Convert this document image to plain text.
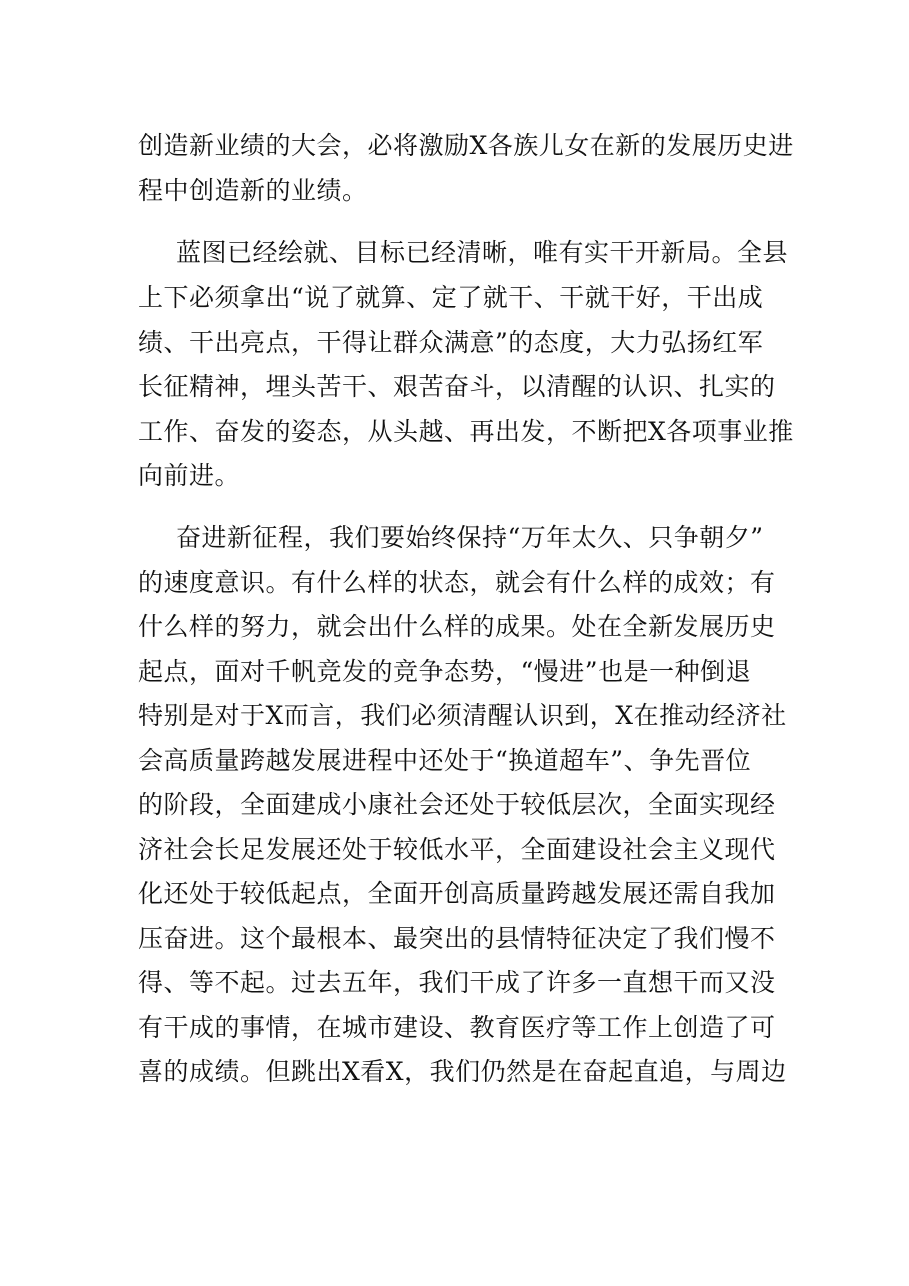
创造新业绩的大会，必将激励X各族儿女在新的发展历史进
程中创造新的业绩。
蓝图已经绘就、目标已经清晰，唯有实干开新局。全县
上下必须拿出“说了就算、定了就干、干就干好，干出成
绩、干出亮点，干得让群众满意”的态度，大力弘扬红军
长征精神，埋头苦干、艰苦奋斗，以清醒的认识、扎实的
工作、奋发的姿态，从头越、再出发，不断把X各项事业推
向前进。
奋进新征程，我们要始终保持“万年太久、只争朝夕”
的速度意识。有什么样的状态，就会有什么样的成效；有
什么样的努力，就会出什么样的成果。处在全新发展历史
起点，面对千帆竞发的竞争态势，“慢进”也是一种倒退
特别是对于X而言，我们必须清醒认识到，X在推动经济社
会高质量跨越发展进程中还处于“换道超车”、争先晋位
的阶段，全面建成小康社会还处于较低层次，全面实现经
济社会长足发展还处于较低水平，全面建设社会主义现代
化还处于较低起点，全面开创高质量跨越发展还需自我加
压奋进。这个最根本、最突出的县情特征决定了我们慢不
得、等不起。过去五年，我们干成了许多一直想干而又没
有干成的事情，在城市建设、教育医疗等工作上创造了可
喜的成绩。但跳出X看X，我们仍然是在奋起直追，与周边
